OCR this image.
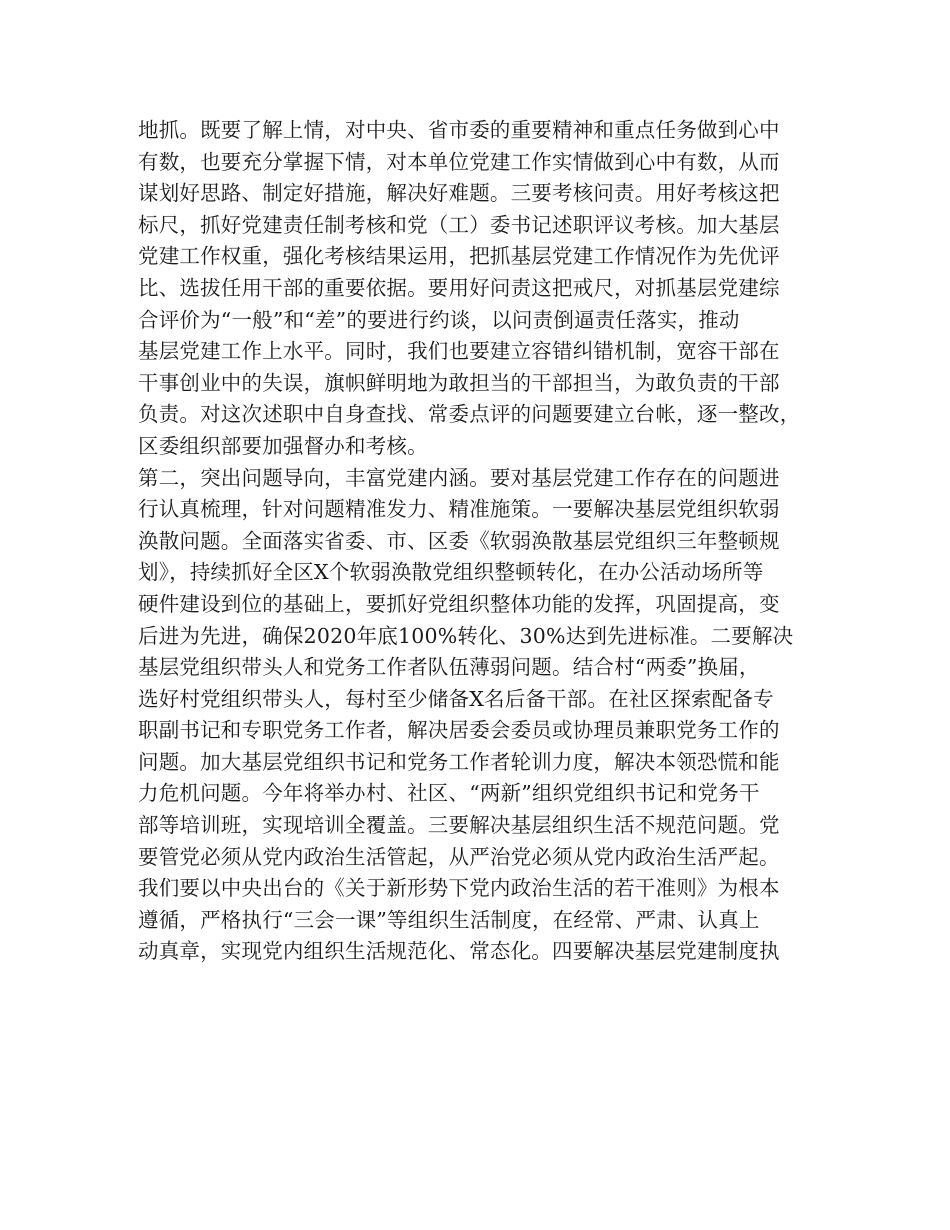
地抓。既要了解上情，对中央、省市委的重要精神和重点任务做到心中
有数，也要充分掌握下情，对本单位党建工作实情做到心中有数，从而
谋划好思路、制定好措施，解决好难题。三要考核问责。用好考核这把
标尺，抓好党建责任制考核和党（工）委书记述职评议考核。加大基层
党建工作权重，强化考核结果运用，把抓基层党建工作情况作为先优评
比、选拔任用干部的重要依据。要用好问责这把戒尺，对抓基层党建综
合评价为“一般”和“差”的要进行约谈，以问责倒逼责任落实，推动
基层党建工作上水平。同时，我们也要建立容错纠错机制，宽容干部在
干事创业中的失误，旗帜鲜明地为敢担当的干部担当，为敢负责的干部
负责。对这次述职中自身查找、常委点评的问题要建立台帐，逐一整改，
区委组织部要加强督办和考核。
第二，突出问题导向，丰富党建内涵。要对基层党建工作存在的问题进
行认真梳理，针对问题精准发力、精准施策。一要解决基层党组织软弱
涣散问题。全面落实省委、市、区委《软弱涣散基层党组织三年整顿规
划》，持续抓好全区X个软弱涣散党组织整顿转化，在办公活动场所等
硬件建设到位的基础上，要抓好党组织整体功能的发挥，巩固提高，变
后进为先进，确保2020年底100%转化、30%达到先进标准。二要解决
基层党组织带头人和党务工作者队伍薄弱问题。结合村“两委”换届，
选好村党组织带头人，每村至少储备X名后备干部。在社区探索配备专
职副书记和专职党务工作者，解决居委会委员或协理员兼职党务工作的
问题。加大基层党组织书记和党务工作者轮训力度，解决本领恐慌和能
力危机问题。今年将举办村、社区、“两新”组织党组织书记和党务干
部等培训班，实现培训全覆盖。三要解决基层组织生活不规范问题。党
要管党必须从党内政治生活管起，从严治党必须从党内政治生活严起。
我们要以中央出台的《关于新形势下党内政治生活的若干准则》为根本
遵循，严格执行“三会一课”等组织生活制度，在经常、严肃、认真上
动真章，实现党内组织生活规范化、常态化。四要解决基层党建制度执
